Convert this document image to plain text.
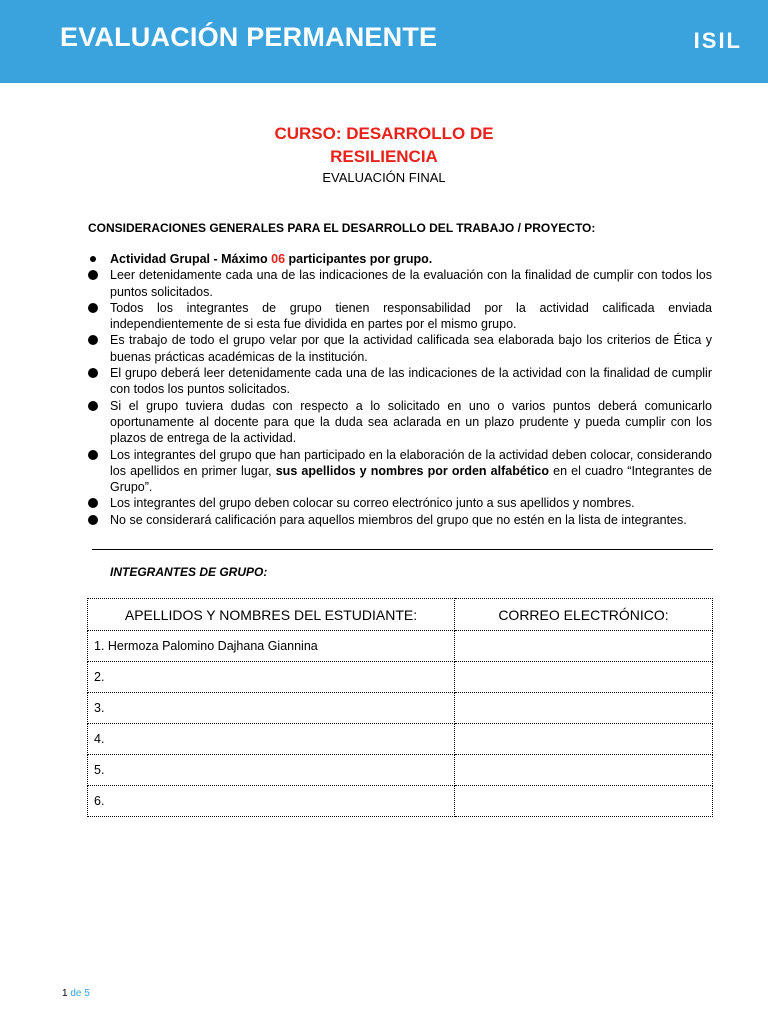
EVALUACIÓN PERMANENTE	ISIL
CURSO: DESARROLLO DE
RESILIENCIA
EVALUACIÓN FINAL
CONSIDERACIONES GENERALES PARA EL DESARROLLO DEL TRABAJO / PROYECTO:
Actividad Grupal - Máximo 06 participantes por grupo.
Leer detenidamente cada una de las indicaciones de la evaluación con la finalidad de cumplir con todos los puntos solicitados.
Todos los integrantes de grupo tienen responsabilidad por la actividad calificada enviada independientemente de si esta fue dividida en partes por el mismo grupo.
Es trabajo de todo el grupo velar por que la actividad calificada sea elaborada bajo los criterios de Ética y buenas prácticas académicas de la institución.
El grupo deberá leer detenidamente cada una de las indicaciones de la actividad con la finalidad de cumplir con todos los puntos solicitados.
Si el grupo tuviera dudas con respecto a lo solicitado en uno o varios puntos deberá comunicarlo oportunamente al docente para que la duda sea aclarada en un plazo prudente y pueda cumplir con los plazos de entrega de la actividad.
Los integrantes del grupo que han participado en la elaboración de la actividad deben colocar, considerando los apellidos en primer lugar, sus apellidos y nombres por orden alfabético en el cuadro “Integrantes de Grupo”.
Los integrantes del grupo deben colocar su correo electrónico junto a sus apellidos y nombres.
No se considerará calificación para aquellos miembros del grupo que no estén en la lista de integrantes.
INTEGRANTES DE GRUPO:
APELLIDOS Y NOMBRES DEL ESTUDIANTE:	CORREO ELECTRÓNICO:
1. Hermoza Palomino Dajhana Giannina	
2.	
3.	
4.	
5.	
6.	
1 de 5
